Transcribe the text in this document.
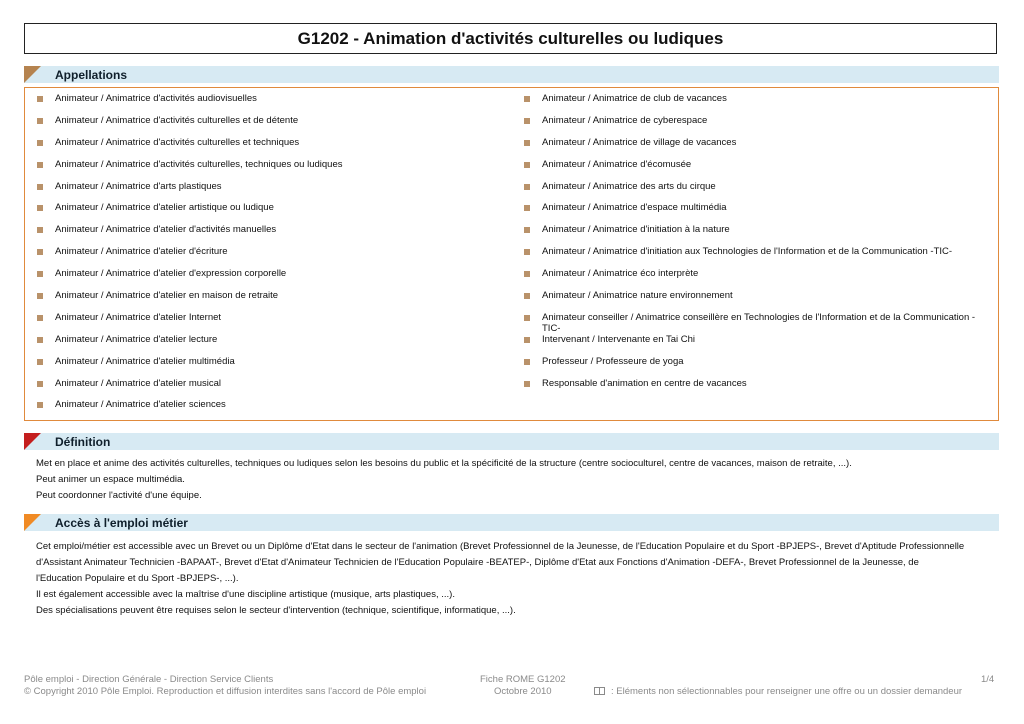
G1202 - Animation d'activités culturelles ou ludiques
Appellations
Animateur / Animatrice d'activités audiovisuelles
Animateur / Animatrice d'activités culturelles et de détente
Animateur / Animatrice d'activités culturelles et techniques
Animateur / Animatrice d'activités culturelles, techniques ou ludiques
Animateur / Animatrice d'arts plastiques
Animateur / Animatrice d'atelier artistique ou ludique
Animateur / Animatrice d'atelier d'activités manuelles
Animateur / Animatrice d'atelier d'écriture
Animateur / Animatrice d'atelier d'expression corporelle
Animateur / Animatrice d'atelier en maison de retraite
Animateur / Animatrice d'atelier Internet
Animateur / Animatrice d'atelier lecture
Animateur / Animatrice d'atelier multimédia
Animateur / Animatrice d'atelier musical
Animateur / Animatrice d'atelier sciences
Animateur / Animatrice de club de vacances
Animateur / Animatrice de cyberespace
Animateur / Animatrice de village de vacances
Animateur / Animatrice d'écomusée
Animateur / Animatrice des arts du cirque
Animateur / Animatrice d'espace multimédia
Animateur / Animatrice d'initiation à la nature
Animateur / Animatrice d'initiation aux Technologies de l'Information et de la Communication -TIC-
Animateur / Animatrice éco interprète
Animateur / Animatrice nature environnement
Animateur conseiller / Animatrice conseillère en Technologies de l'Information et de la Communication -TIC-
Intervenant / Intervenante en Tai Chi
Professeur / Professeure de yoga
Responsable d'animation en centre de vacances
Définition
Met en place et anime des activités culturelles, techniques ou ludiques selon les besoins du public et la spécificité de la structure (centre socioculturel, centre de vacances, maison de retraite, ...).
Peut animer un espace multimédia.
Peut coordonner l'activité d'une équipe.
Accès à l'emploi métier
Cet emploi/métier est accessible avec un Brevet ou un Diplôme d'Etat dans le secteur de l'animation (Brevet Professionnel de la Jeunesse, de l'Education Populaire et du Sport -BPJEPS-, Brevet d'Aptitude Professionnelle
d'Assistant Animateur Technicien -BAPAAT-, Brevet d'Etat d'Animateur Technicien de l'Education Populaire -BEATEP-, Diplôme d'Etat aux Fonctions d'Animation -DEFA-, Brevet Professionnel de la Jeunesse, de
l'Education Populaire et du Sport -BPJEPS-, ...).
Il est également accessible avec la maîtrise d'une discipline artistique (musique, arts plastiques, ...).
Des spécialisations peuvent être requises selon le secteur d'intervention (technique, scientifique, informatique, ...).
Pôle emploi - Direction Générale - Direction Service Clients
© Copyright 2010 Pôle Emploi. Reproduction et diffusion interdites sans l'accord de Pôle emploi
Fiche ROME G1202
Octobre 2010
1/4
: Eléments non sélectionnables pour renseigner une offre ou un dossier demandeur
